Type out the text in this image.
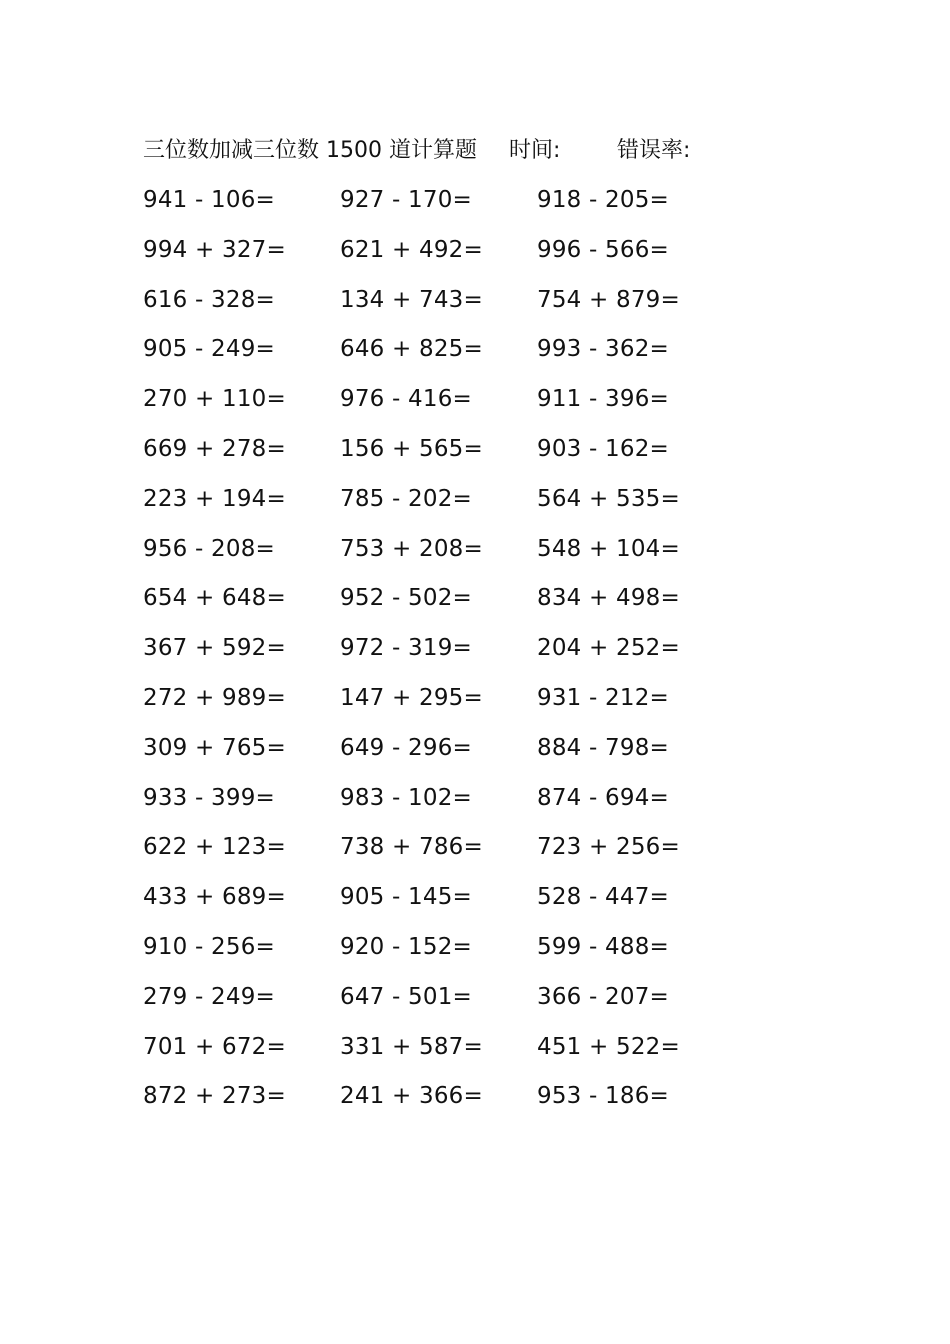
三位数加减三位数 1500 道计算题 时间:	错误率:
941 - 106=	927 - 170=	918 - 205=
994 + 327=	621 + 492=	996 - 566=
616 - 328=	134 + 743=	754 + 879=
905 - 249=	646 + 825=	993 - 362=
270 + 110=	976 - 416=	911 - 396=
669 + 278=	156 + 565=	903 - 162=
223 + 194=	785 - 202=	564 + 535=
956 - 208=	753 + 208=	548 + 104=
654 + 648=	952 - 502=	834 + 498=
367 + 592=	972 - 319=	204 + 252=
272 + 989=	147 + 295=	931 - 212=
309 + 765=	649 - 296=	884 - 798=
933 - 399=	983 - 102=	874 - 694=
622 + 123=	738 + 786=	723 + 256=
433 + 689=	905 - 145=	528 - 447=
910 - 256=	920 - 152=	599 - 488=
279 - 249=	647 - 501=	366 - 207=
701 + 672=	331 + 587=	451 + 522=
872 + 273=	241 + 366=	953 - 186=
